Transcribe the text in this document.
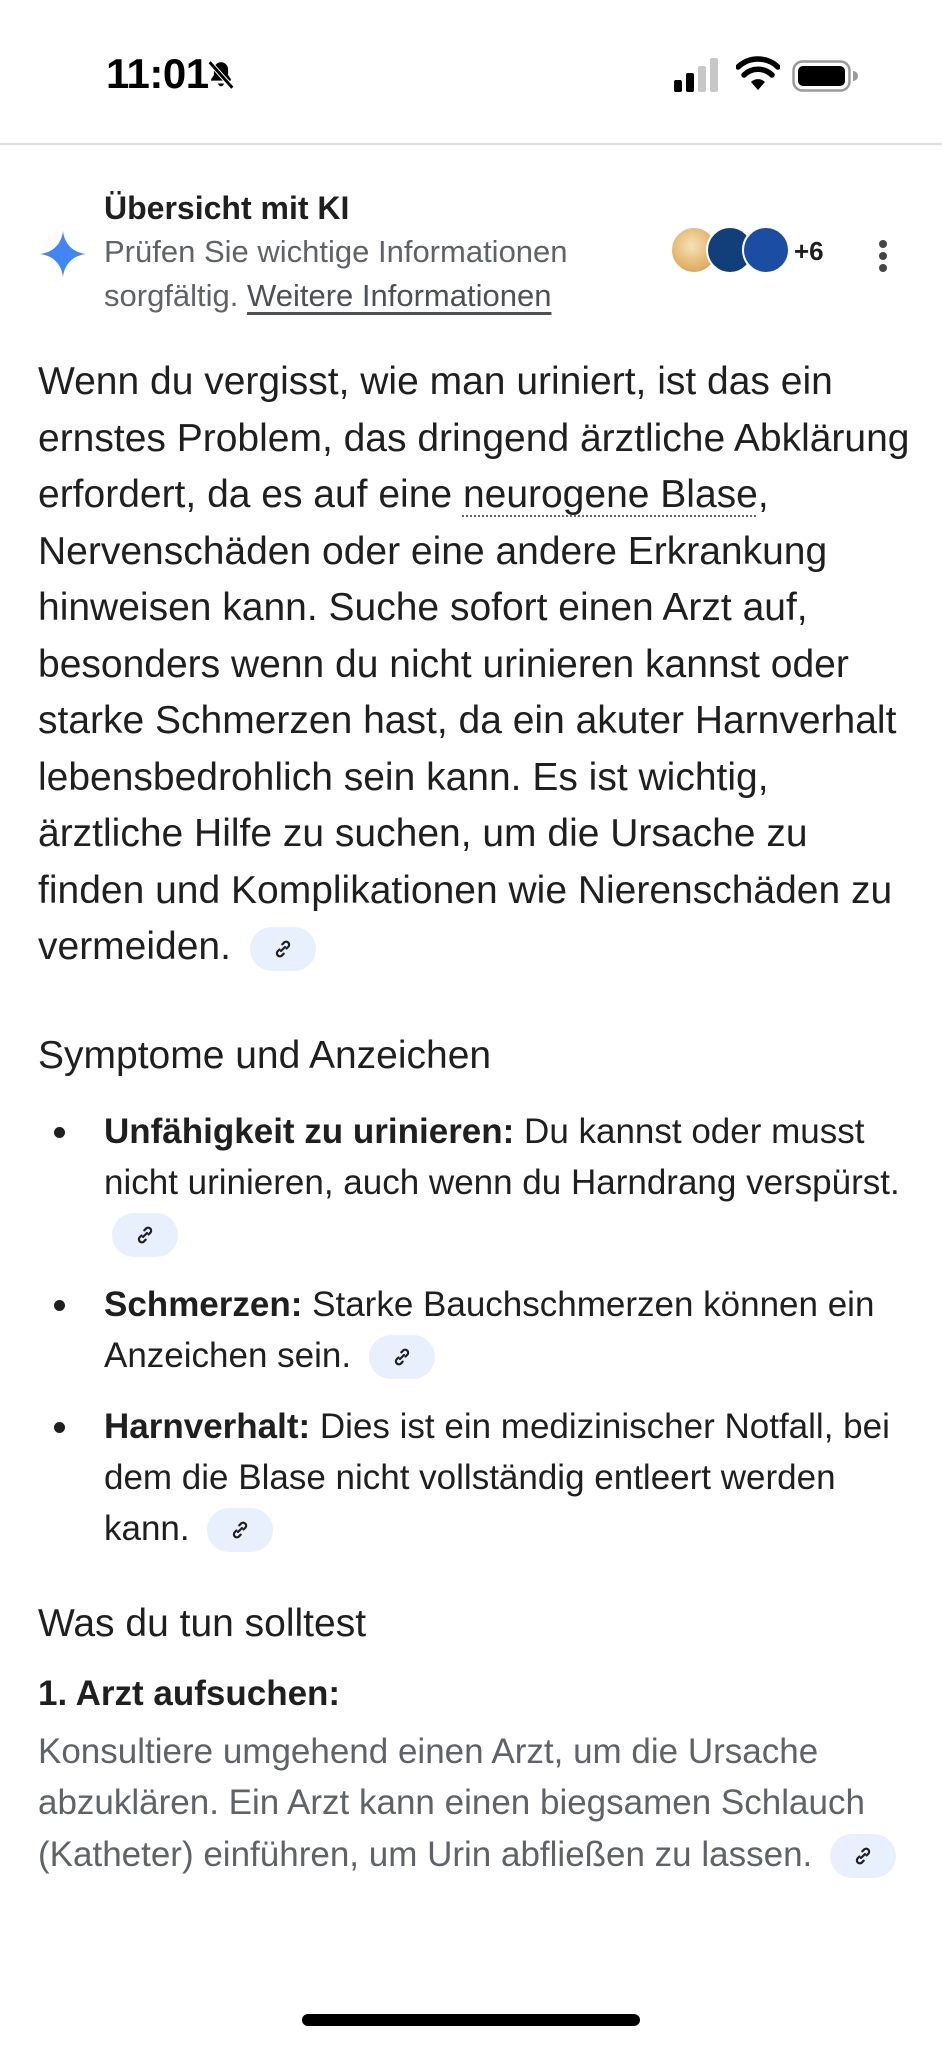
11:01
Übersicht mit KI
Prüfen Sie wichtige Informationen sorgfältig. Weitere Informationen
+6

Wenn du vergisst, wie man uriniert, ist das ein ernstes Problem, das dringend ärztliche Abklärung erfordert, da es auf eine neurogene Blase, Nervenschäden oder eine andere Erkrankung hinweisen kann. Suche sofort einen Arzt auf, besonders wenn du nicht urinieren kannst oder starke Schmerzen hast, da ein akuter Harnverhalt lebensbedrohlich sein kann. Es ist wichtig, ärztliche Hilfe zu suchen, um die Ursache zu finden und Komplikationen wie Nierenschäden zu vermeiden.

Symptome und Anzeichen
Unfähigkeit zu urinieren: Du kannst oder musst nicht urinieren, auch wenn du Harndrang verspürst.
Schmerzen: Starke Bauchschmerzen können ein Anzeichen sein.
Harnverhalt: Dies ist ein medizinischer Notfall, bei dem die Blase nicht vollständig entleert werden kann.
Was du tun solltest
1. Arzt aufsuchen:

Konsultiere umgehend einen Arzt, um die Ursache abzuklären. Ein Arzt kann einen biegsamen Schlauch (Katheter) einführen, um Urin abfließen zu lassen.
